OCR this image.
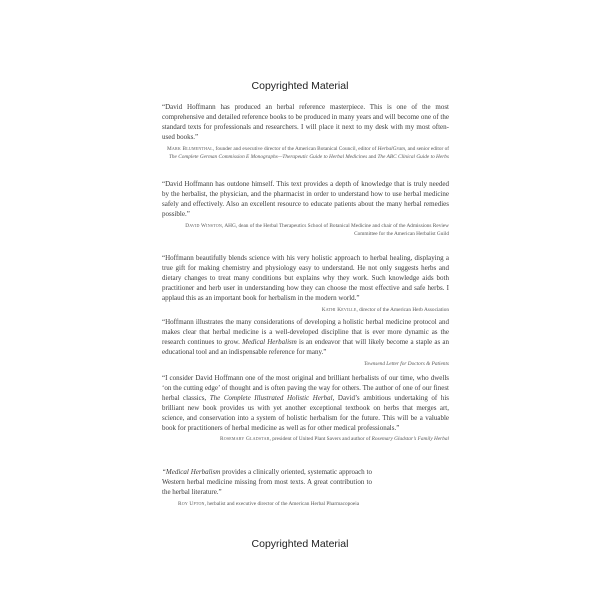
Copyrighted Material

“David Hoffmann has produced an herbal reference masterpiece. This is one of the most comprehensive and detailed reference books to be produced in many years and will become one of the standard texts for professionals and researchers. I will place it next to my desk with my most often-used books.”

Mark Blumenthal, founder and executive director of the American Botanical Council, editor of HerbalGram, and senior editor of The Complete German Commission E Monographs—Therapeutic Guide to Herbal Medicines and The ABC Clinical Guide to Herbs

“David Hoffmann has outdone himself. This text provides a depth of knowledge that is truly needed by the herbalist, the physician, and the pharmacist in order to understand how to use herbal medicine safely and effectively. Also an excellent resource to educate patients about the many herbal remedies possible.”

David Winston, AHG, dean of the Herbal Therapeutics School of Botanical Medicine and chair of the Admissions Review Committee for the American Herbalist Guild

“Hoffmann beautifully blends science with his very holistic approach to herbal healing, displaying a true gift for making chemistry and physiology easy to understand. He not only suggests herbs and dietary changes to treat many conditions but explains why they work. Such knowledge aids both practitioner and herb user in understanding how they can choose the most effective and safe herbs. I applaud this as an important book for herbalism in the modern world.”

Kathi Keville, director of the American Herb Association

“Hoffmann illustrates the many considerations of developing a holistic herbal medicine protocol and makes clear that herbal medicine is a well-developed discipline that is ever more dynamic as the research continues to grow. Medical Herbalism is an endeavor that will likely become a staple as an educational tool and an indispensable reference for many.”

Townsend Letter for Doctors & Patients

“I consider David Hoffmann one of the most original and brilliant herbalists of our time, who dwells ‘on the cutting edge’ of thought and is often paving the way for others. The author of one of our finest herbal classics, The Complete Illustrated Holistic Herbal, David’s ambitious undertaking of his brilliant new book provides us with yet another exceptional textbook on herbs that merges art, science, and conservation into a system of holistic herbalism for the future. This will be a valuable book for practitioners of herbal medicine as well as for other medical professionals.”

Rosemary Gladstar, president of United Plant Savers and author of Rosemary Gladstar’s Family Herbal

“Medical Herbalism provides a clinically oriented, systematic approach to Western herbal medicine missing from most texts. A great contribution to the herbal literature.”

Roy Upton, herbalist and executive director of the American Herbal Pharmacopoeia
Copyrighted Material
